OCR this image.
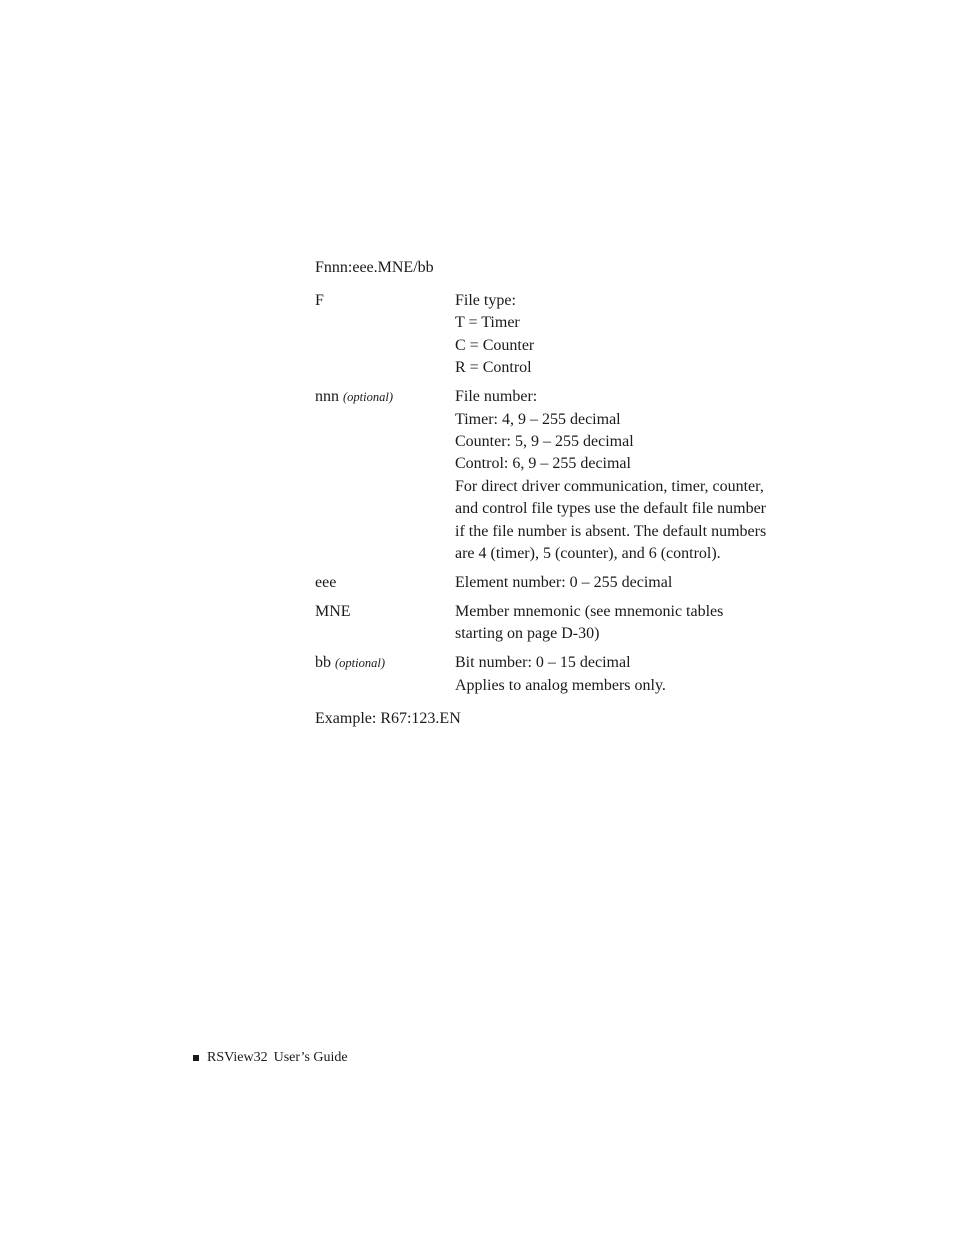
Fnnn:eee.MNE/bb
F	File type:
T = Timer
C = Counter
R = Control
nnn (optional)	File number:
Timer: 4, 9 – 255 decimal
Counter: 5, 9 – 255 decimal
Control: 6, 9 – 255 decimal
For direct driver communication, timer, counter,
and control file types use the default file number
if the file number is absent. The default numbers
are 4 (timer), 5 (counter), and 6 (control).
eee	Element number: 0 – 255 decimal
MNE	Member mnemonic (see mnemonic tables
starting on page D-30)
bb (optional)	Bit number: 0 – 15 decimal
Applies to analog members only.
Example: R67:123.EN
RSView32 User’s Guide
